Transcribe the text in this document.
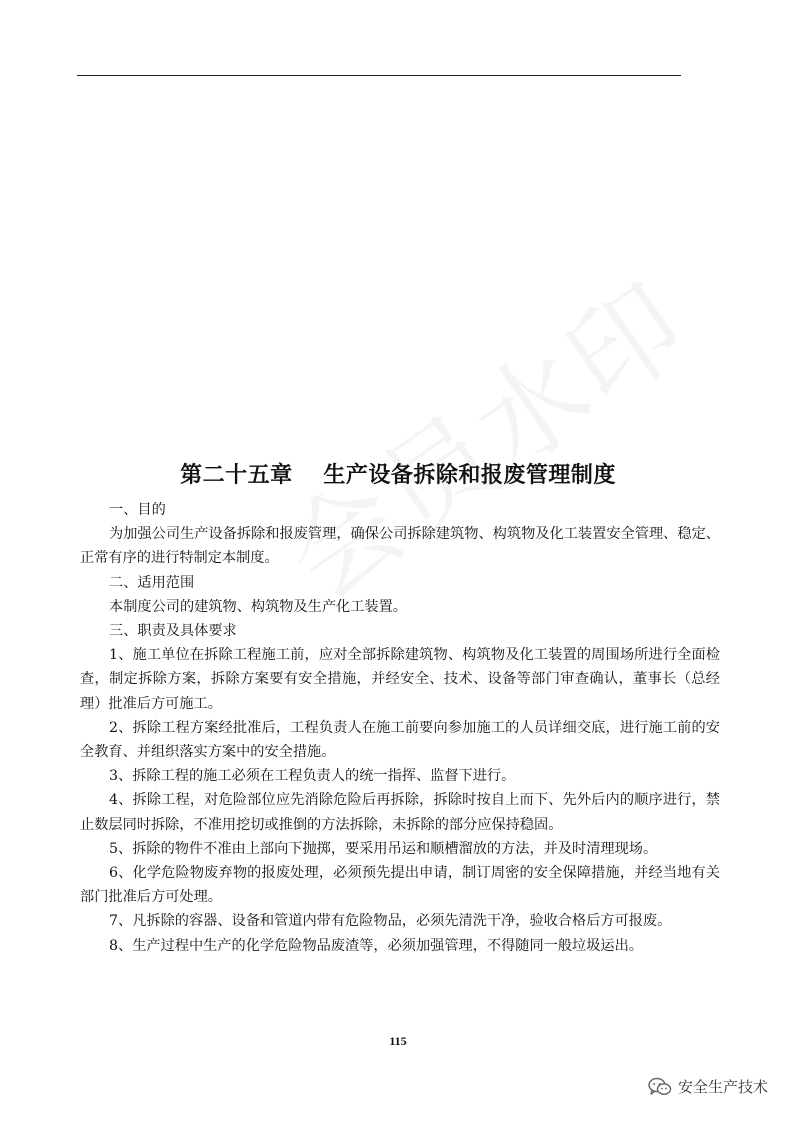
第二十五章　 生产设备拆除和报废管理制度

一、目的

为加强公司生产设备拆除和报废管理，确保公司拆除建筑物、构筑物及化工装置安全管理、稳定、正常有序的进行特制定本制度。

二、适用范围

本制度公司的建筑物、构筑物及生产化工装置。

三、职责及具体要求

1、施工单位在拆除工程施工前，应对全部拆除建筑物、构筑物及化工装置的周围场所进行全面检查，制定拆除方案，拆除方案要有安全措施，并经安全、技术、设备等部门审查确认，董事长（总经理）批准后方可施工。

2、拆除工程方案经批准后，工程负责人在施工前要向参加施工的人员详细交底，进行施工前的安全教育、并组织落实方案中的安全措施。

3、拆除工程的施工必须在工程负责人的统一指挥、监督下进行。

4、拆除工程，对危险部位应先消除危险后再拆除，拆除时按自上而下、先外后内的顺序进行，禁止数层同时拆除，不准用挖切或推倒的方法拆除，未拆除的部分应保持稳固。

5、拆除的物件不准由上部向下抛掷，要采用吊运和顺槽溜放的方法，并及时清理现场。

6、化学危险物废弃物的报废处理，必须预先提出申请，制订周密的安全保障措施，并经当地有关部门批准后方可处理。

7、凡拆除的容器、设备和管道内带有危险物品，必须先清洗干净，验收合格后方可报废。

8、生产过程中生产的化学危险物品废渣等，必须加强管理，不得随同一般垃圾运出。

115
安全生产技术
